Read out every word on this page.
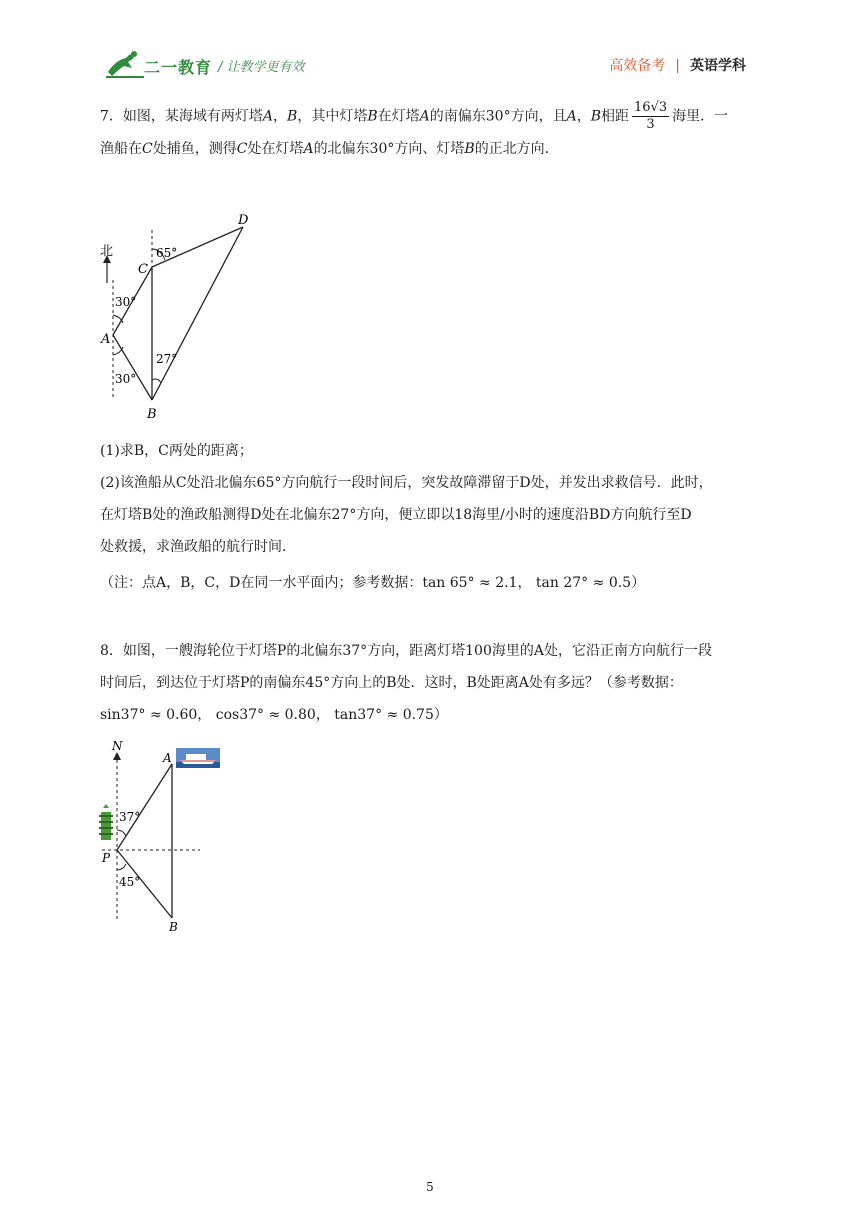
二一教育 / 让教学更有效	高效备考 | 英语学科
7．如图，某海域有两灯塔A，B，其中灯塔B在灯塔A的南偏东30°方向，且A，B相距 $\frac{16√3}{3}$ 海里．一
渔船在C处捕鱼，测得C处在灯塔A的北偏东30°方向、灯塔B的正北方向．
北
30°
30°
65°
27°
A
B
C
D
(1)求B，C两处的距离；
(2)该渔船从C处沿北偏东65°方向航行一段时间后，突发故障滞留于D处，并发出求救信号．此时，
在灯塔B处的渔政船测得D处在北偏东27°方向，便立即以18海里/小时的速度沿BD方向航行至D
处救援，求渔政船的航行时间．
（注：点A，B，C，D在同一水平面内；参考数据：tan 65° ≈ 2.1， tan 27° ≈ 0.5）
8．如图，一艘海轮位于灯塔P的北偏东37°方向，距离灯塔100海里的A处，它沿正南方向航行一段
时间后，到达位于灯塔P的南偏东45°方向上的B处．这时，B处距离A处有多远？（参考数据：
sin37° ≈ 0.60， cos37° ≈ 0.80， tan37° ≈ 0.75）
N
37°
45°
P
A
B
5
